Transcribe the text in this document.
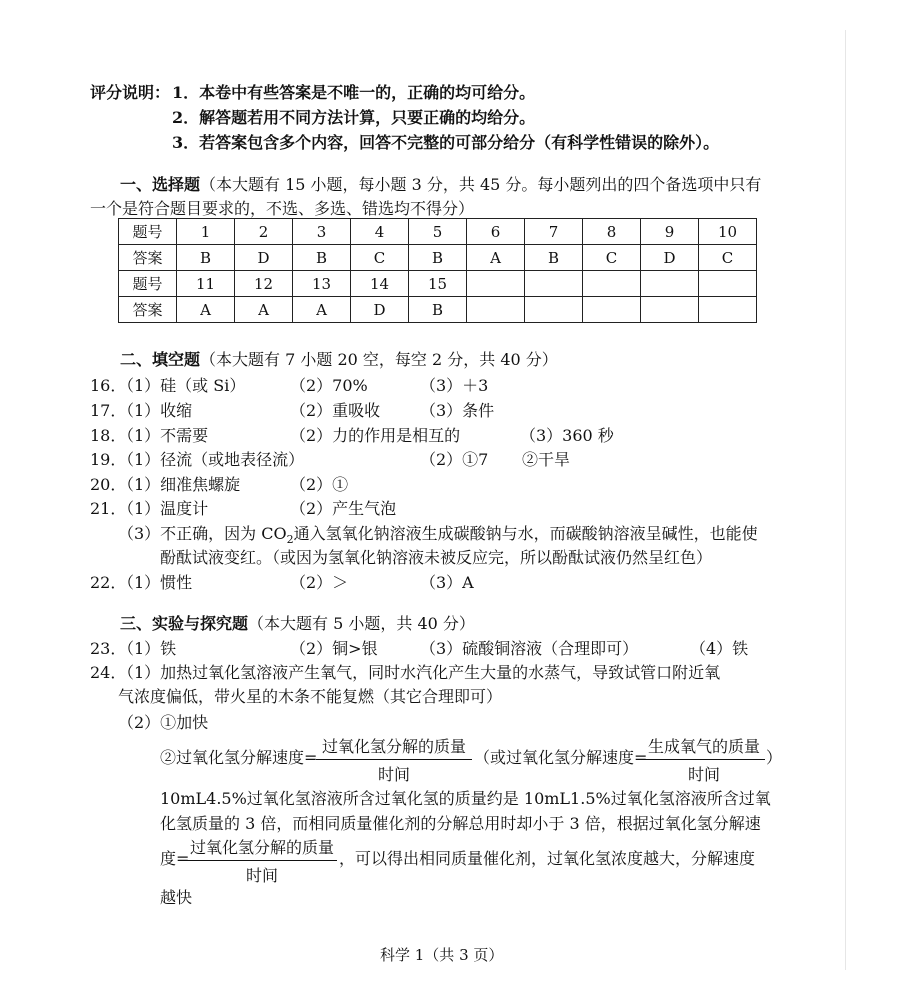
评分说明： 1．本卷中有些答案是不唯一的，正确的均可给分。
2．解答题若用不同方法计算，只要正确的均给分。
3．若答案包含多个内容，回答不完整的可部分给分（有科学性错误的除外）。
一、选择题（本大题有 15 小题，每小题 3 分，共 45 分。每小题列出的四个备选项中只有
一个是符合题目要求的，不选、多选、错选均不得分）
题号	1	2	3	4	5	6	7	8	9	10
答案	B	D	B	C	B	A	B	C	D	C
题号	11	12	13	14	15					
答案	A	A	A	D	B					
二、填空题（本大题有 7 小题 20 空，每空 2 分，共 40 分）
16．
（1）硅（或 Si）	（2）70%	（3）＋3
17．
（1）收缩	（2）重吸收 （3）条件
18．
（1）不需要	（2）力的作用是相互的	（3）360 秒
19．
（1）径流（或地表径流）	（2）①7 ②干旱
20．
（1）细准焦螺旋	（2）①
21．
（1）温度计	（2）产生气泡
（3）不正确，因为 $CO_2$通入氢氧化钠溶液生成碳酸钠与水，而碳酸钠溶液呈碱性，也能使
酚酞试液变红。（或因为氢氧化钠溶液未被反应完，所以酚酞试液仍然呈红色）
22．
（1）惯性	（2）＞	（3）A
三、实验与探究题（本大题有 5 小题，共 40 分）
23．
（1）铁	（2）铜>银	（3）硫酸铜溶液（合理即可）	（4）铁
24．
（1）加热过氧化氢溶液产生氧气，同时水汽化产生大量的水蒸气，导致试管口附近氧
气浓度偏低，带火星的木条不能复燃（其它合理即可）
（2）①加快
②过氧化氢分解速度=
过氧化氢分解的质量
时间
（或过氧化氢分解速度=
生成氧气的质量
时间
）
10mL4.5%过氧化氢溶液所含过氧化氢的质量约是 10mL1.5%过氧化氢溶液所含过氧
化氢质量的 3 倍，而相同质量催化剂的分解总用时却小于 3 倍，根据过氧化氢分解速
度=
过氧化氢分解的质量
时间
，可以得出相同质量催化剂，过氧化氢浓度越大，分解速度
越快
科学 1（共 3 页）
